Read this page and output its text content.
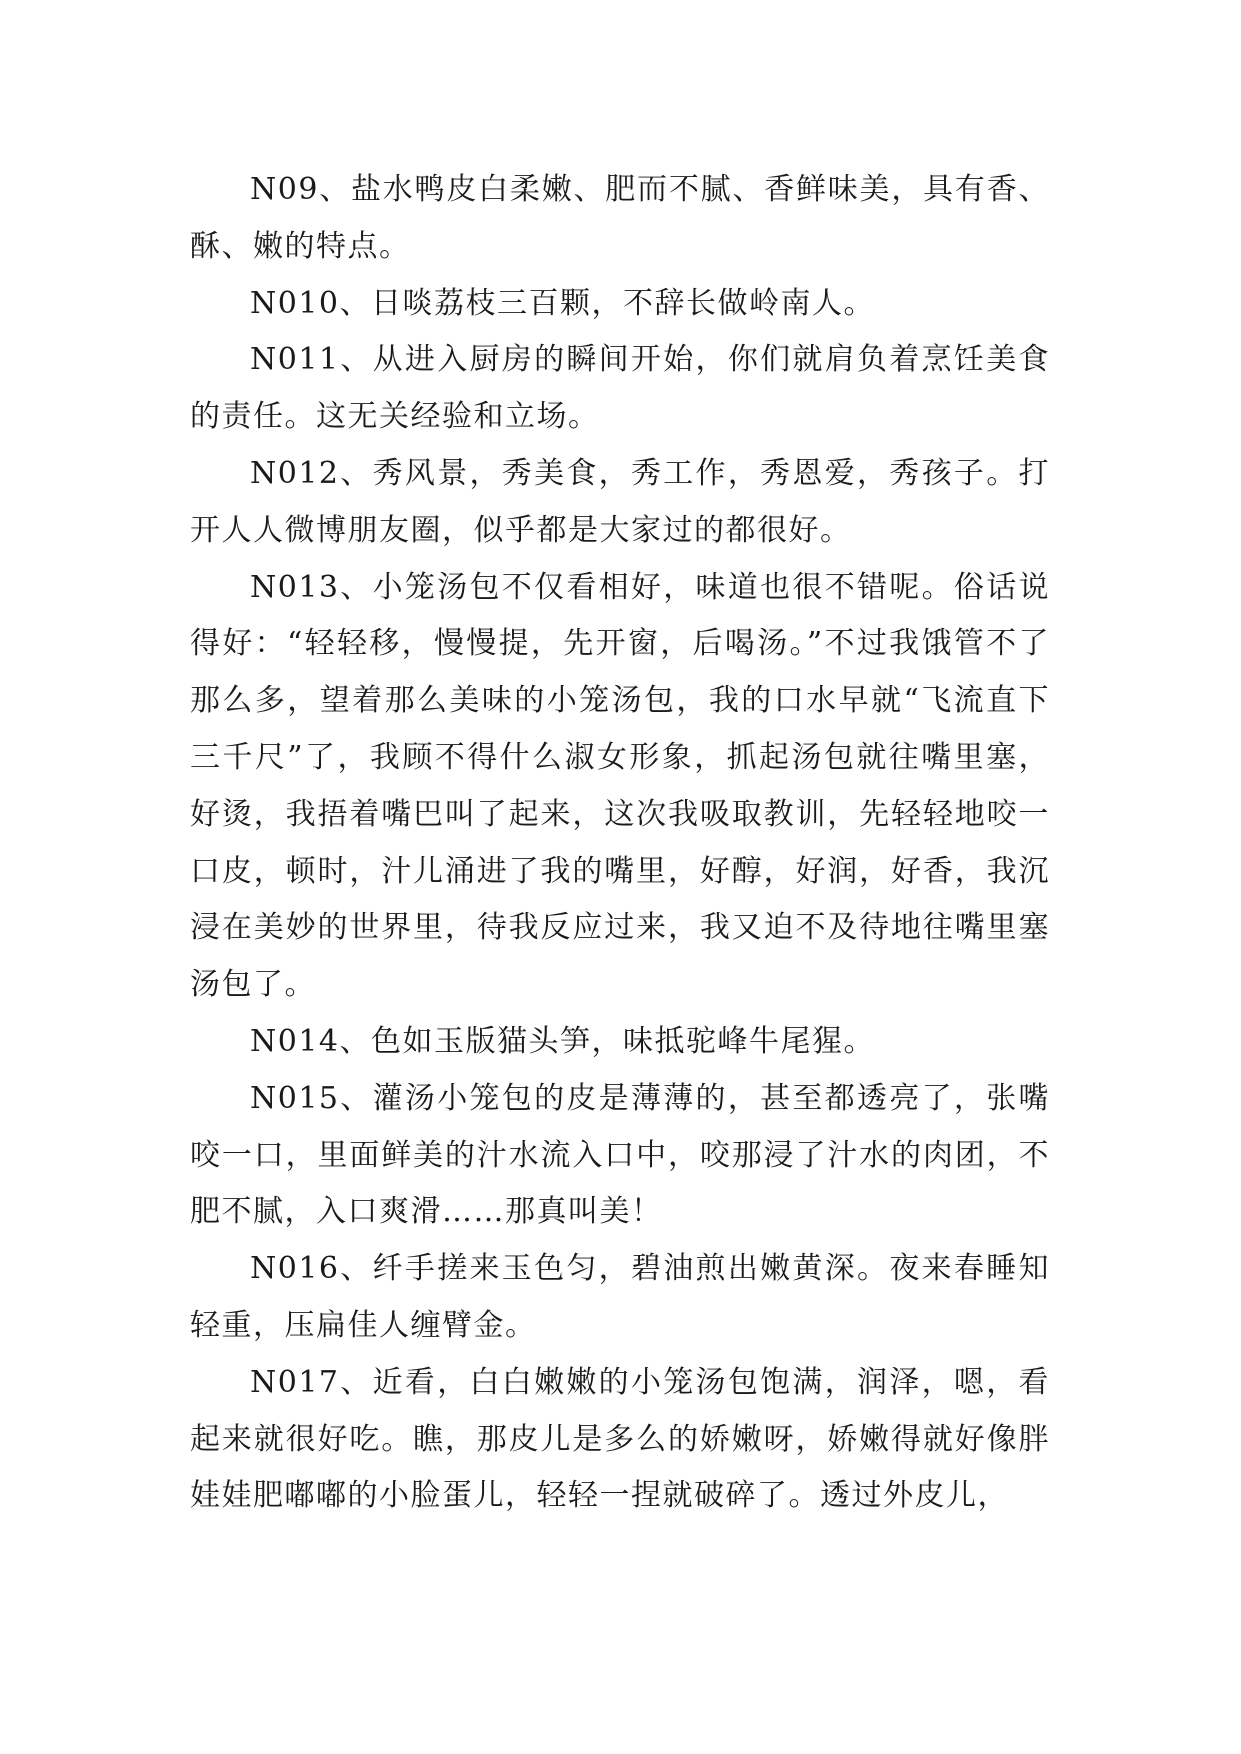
N09、盐水鸭皮白柔嫩、肥而不腻、香鲜味美，具有香、酥、嫩的特点。

N010、日啖荔枝三百颗，不辞长做岭南人。

N011、从进入厨房的瞬间开始，你们就肩负着烹饪美食的责任。这无关经验和立场。

N012、秀风景，秀美食，秀工作，秀恩爱，秀孩子。打开人人微博朋友圈，似乎都是大家过的都很好。

N013、小笼汤包不仅看相好，味道也很不错呢。俗话说得好：“轻轻移，慢慢提，先开窗，后喝汤。”不过我饿管不了那么多，望着那么美味的小笼汤包，我的口水早就“飞流直下三千尺”了，我顾不得什么淑女形象，抓起汤包就往嘴里塞，好烫，我捂着嘴巴叫了起来，这次我吸取教训，先轻轻地咬一口皮，顿时，汁儿涌进了我的嘴里，好醇，好润，好香，我沉浸在美妙的世界里，待我反应过来，我又迫不及待地往嘴里塞汤包了。

N014、色如玉版猫头笋，味抵驼峰牛尾猩。

N015、灌汤小笼包的皮是薄薄的，甚至都透亮了，张嘴咬一口，里面鲜美的汁水流入口中，咬那浸了汁水的肉团，不肥不腻，入口爽滑……那真叫美！

N016、纤手搓来玉色匀，碧油煎出嫩黄深。夜来春睡知轻重，压扁佳人缠臂金。

N017、近看，白白嫩嫩的小笼汤包饱满，润泽，嗯，看起来就很好吃。瞧，那皮儿是多么的娇嫩呀，娇嫩得就好像胖娃娃肥嘟嘟的小脸蛋儿，轻轻一捏就破碎了。透过外皮儿，
